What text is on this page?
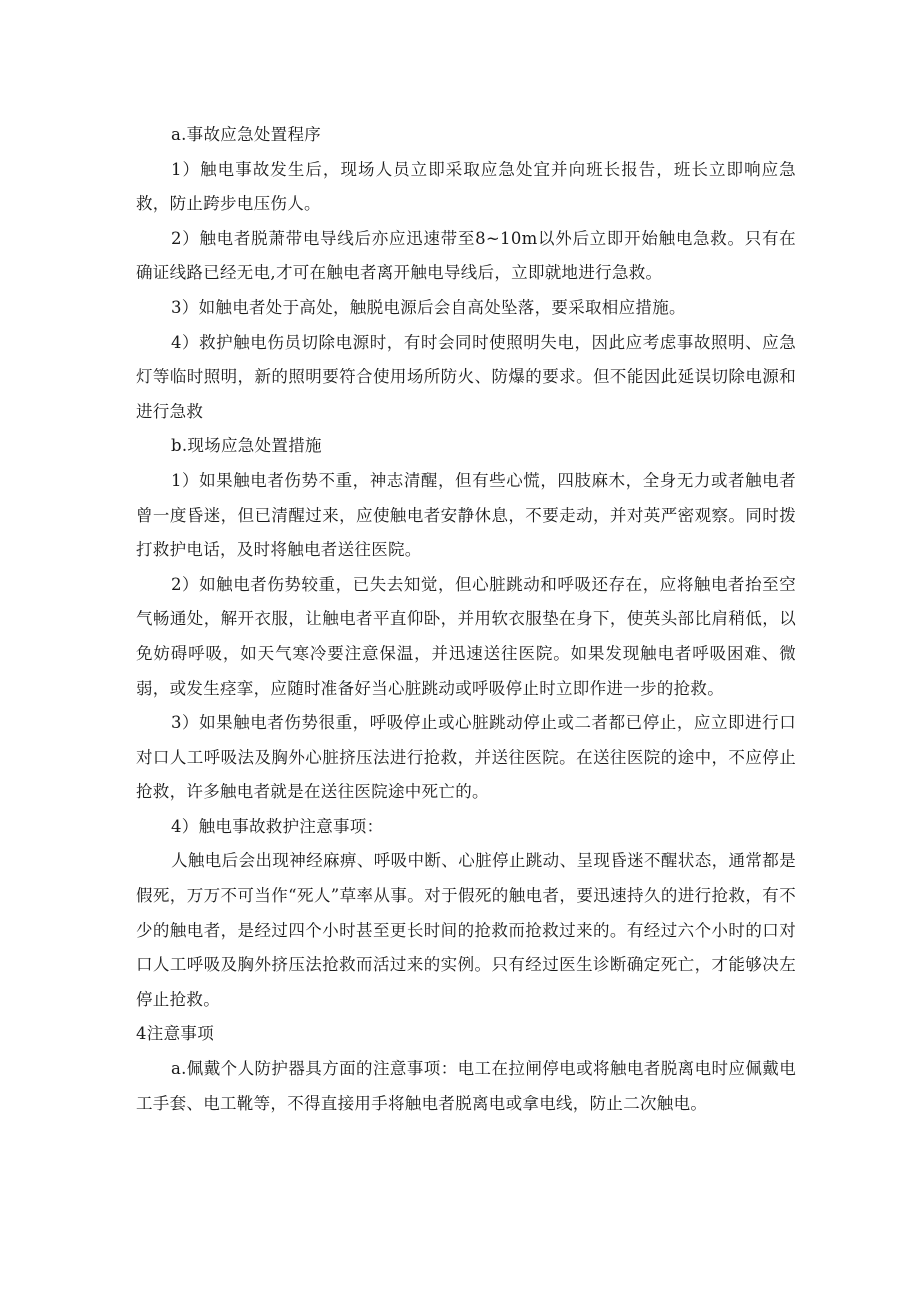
a.事故应急处置程序

1）触电事故发生后，现场人员立即采取应急处宜并向班长报告，班长立即响应急救，防止跨步电压伤人。

2）触电者脱萧带电导线后亦应迅速带至8~10m以外后立即开始触电急救。只有在确证线路已经无电,才可在触电者离开触电导线后，立即就地进行急救。

3）如触电者处于高处，触脱电源后会自高处坠落，要采取相应措施。

4）救护触电伤员切除电源时，有时会同时使照明失电，因此应考虑事故照明、应急灯等临时照明，新的照明要符合使用场所防火、防爆的要求。但不能因此延误切除电源和进行急救

b.现场应急处置措施

1）如果触电者伤势不重，神志清醒，但有些心慌，四肢麻木，全身无力或者触电者曾一度昏迷，但已清醒过来，应使触电者安静休息，不要走动，并对英严密观察。同时拨打救护电话，及时将触电者送往医院。

2）如触电者伤势较重，已失去知觉，但心脏跳动和呼吸还存在，应将触电者抬至空气畅通处，解开衣服，让触电者平直仰卧，并用软衣服垫在身下，使英头部比肩稍低，以免妨碍呼吸，如天气寒冷要注意保温，并迅速送往医院。如果发现触电者呼吸困难、微弱，或发生痉挛，应随时准备好当心脏跳动或呼吸停止时立即作进一步的抢救。

3）如果触电者伤势很重，呼吸停止或心脏跳动停止或二者都已停止，应立即进行口对口人工呼吸法及胸外心脏挤压法进行抢救，并送往医院。在送往医院的途中，不应停止抢救，许多触电者就是在送往医院途中死亡的。

4）触电事故救护注意事项：

人触电后会出现神经麻痹、呼吸中断、心脏停止跳动、呈现昏迷不醒状态，通常都是假死，万万不可当作“死人”草率从事。对于假死的触电者，要迅速持久的进行抢救，有不少的触电者，是经过四个小时甚至更长时间的抢救而抢救过来的。有经过六个小时的口对口人工呼吸及胸外挤压法抢救而活过来的实例。只有经过医生诊断确定死亡，才能够决左停止抢救。

4注意事项

a.佩戴个人防护器具方面的注意事项：电工在拉闸停电或将触电者脱离电时应佩戴电工手套、电工靴等，不得直接用手将触电者脱离电或拿电线，防止二次触电。
